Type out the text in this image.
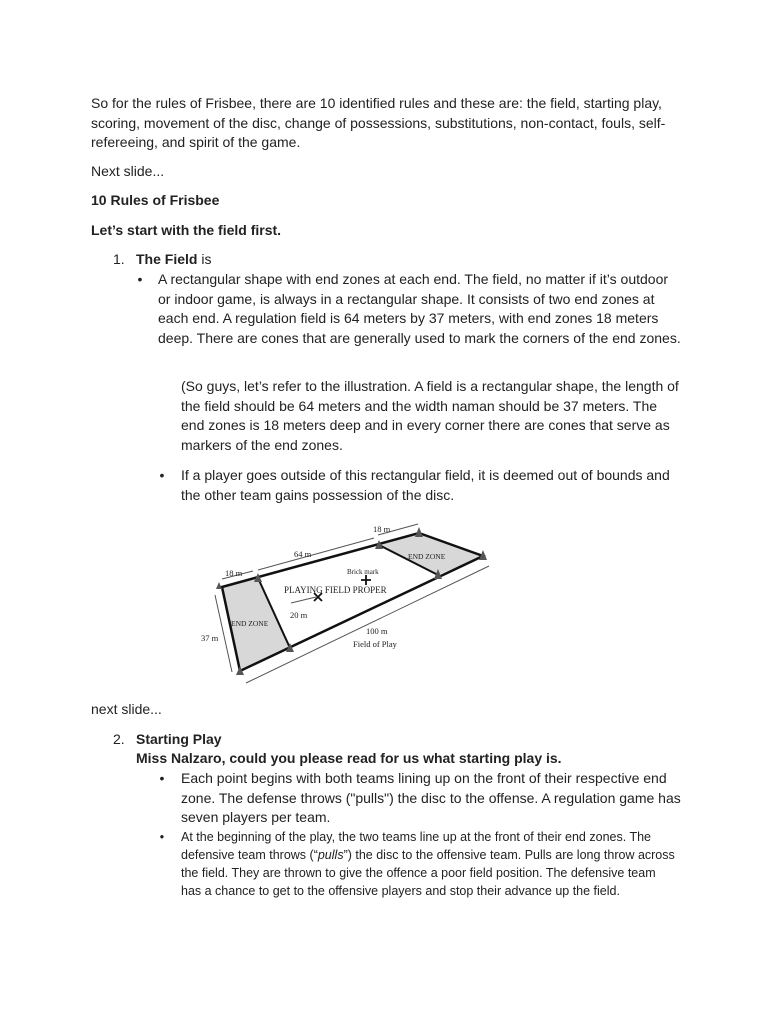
So for the rules of Frisbee, there are 10 identified rules and these are: the field, starting play, scoring, movement of the disc, change of possessions, substitutions, non-contact, fouls, self-refereeing, and spirit of the game.

Next slide...

10 Rules of Frisbee

Let’s start with the field first.

1. The Field is
• A rectangular shape with end zones at each end. The field, no matter if it’s outdoor or indoor game, is always in a rectangular shape. It consists of two end zones at each end. A regulation field is 64 meters by 37 meters, with end zones 18 meters deep. There are cones that are generally used to mark the corners of the end zones.

(So guys, let’s refer to the illustration. A field is a rectangular shape, the length of the field should be 64 meters and the width naman should be 37 meters. The end zones is 18 meters deep and in every corner there are cones that serve as markers of the end zones.

• If a player goes outside of this rectangular field, it is deemed out of bounds and the other team gains possession of the disc.

18 m
64 m	END ZONE
Brick mark
18 m
PLAYING FIELD PROPER
20 m
END ZONE
37 m
100 m
Field of Play

next slide...

2. Starting Play

Miss Nalzaro, could you please read for us what starting play is.

• Each point begins with both teams lining up on the front of their respective end zone. The defense throws ("pulls") the disc to the offense. A regulation game has seven players per team.

• At the beginning of the play, the two teams line up at the front of their end zones. The defensive team throws (“pulls”) the disc to the offensive team. Pulls are long throw across the field. They are thrown to give the offence a poor field position. The defensive team has a chance to get to the offensive players and stop their advance up the field.
